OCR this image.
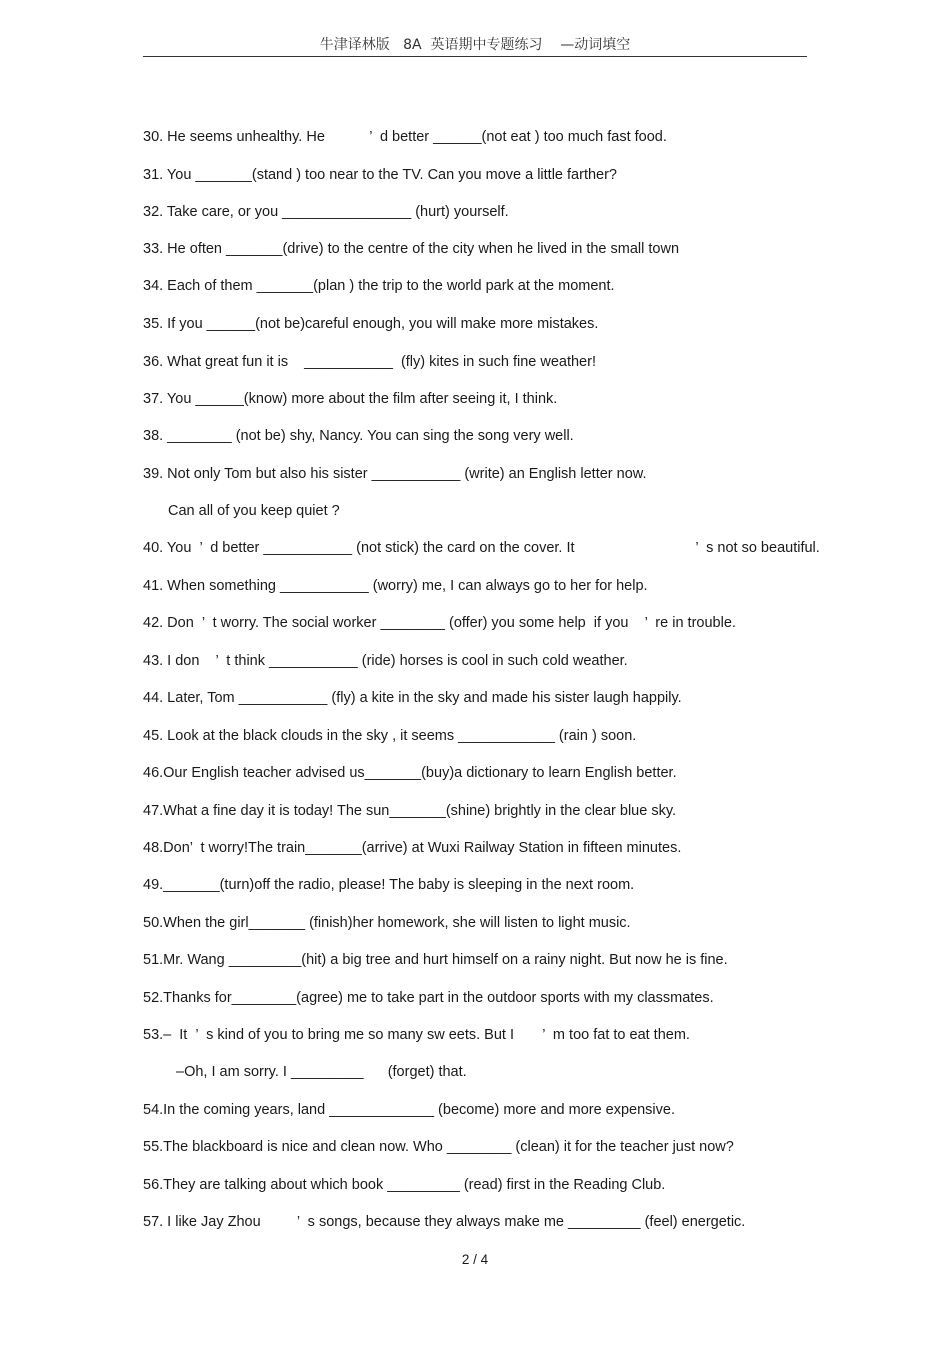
牛津译林版   8A  英语期中专题练习    —动词填空
30. He seems unhealthy. He           ’  d better ______(not eat ) too much fast food.
31. You _______(stand ) too near to the TV. Can you move a little farther?
32. Take care, or you ________________ (hurt) yourself.
33. He often _______(drive) to the centre of the city when he lived in the small town
34. Each of them _______(plan ) the trip to the world park at the moment.
35. If you ______(not be)careful enough, you will make more mistakes.
36. What great fun it is    ___________  (fly) kites in such fine weather!
37. You ______(know) more about the film after seeing it, I think.
38. ________ (not be) shy, Nancy. You can sing the song very well.
39. Not only Tom but also his sister ___________ (write) an English letter now.
Can all of you keep quiet ?
40. You  ’  d better ___________ (not stick) the card on the cover. It                              ’  s not so beautiful.
41. When something ___________ (worry) me, I can always go to her for help.
42. Don  ’  t worry. The social worker ________ (offer) you some help  if you    ’  re in trouble.
43. I don    ’  t think ___________ (ride) horses is cool in such cold weather.
44. Later, Tom ___________ (fly) a kite in the sky and made his sister laugh happily.
45. Look at the black clouds in the sky , it seems ____________ (rain ) soon.
46.Our English teacher advised us_______(buy)a dictionary to learn English better.
47.What a fine day it is today! The sun_______(shine) brightly in the clear blue sky.
48.Don’  t worry!The train_______(arrive) at Wuxi Railway Station in fifteen minutes.
49._______(turn)off the radio, please! The baby is sleeping in the next room.
50.When the girl_______ (finish)her homework, she will listen to light music.
51.Mr. Wang _________(hit) a big tree and hurt himself on a rainy night. But now he is fine.
52.Thanks for________(agree) me to take part in the outdoor sports with my classmates.
53.–  It  ’  s kind of you to bring me so many sw eets. But I       ’  m too fat to eat them.
–Oh, I am sorry. I _________      (forget) that.
54.In the coming years, land _____________ (become) more and more expensive.
55.The blackboard is nice and clean now. Who ________ (clean) it for the teacher just now?
56.They are talking about which book _________ (read) first in the Reading Club.
57. I like Jay Zhou         ’  s songs, because they always make me _________ (feel) energetic.
2 / 4
